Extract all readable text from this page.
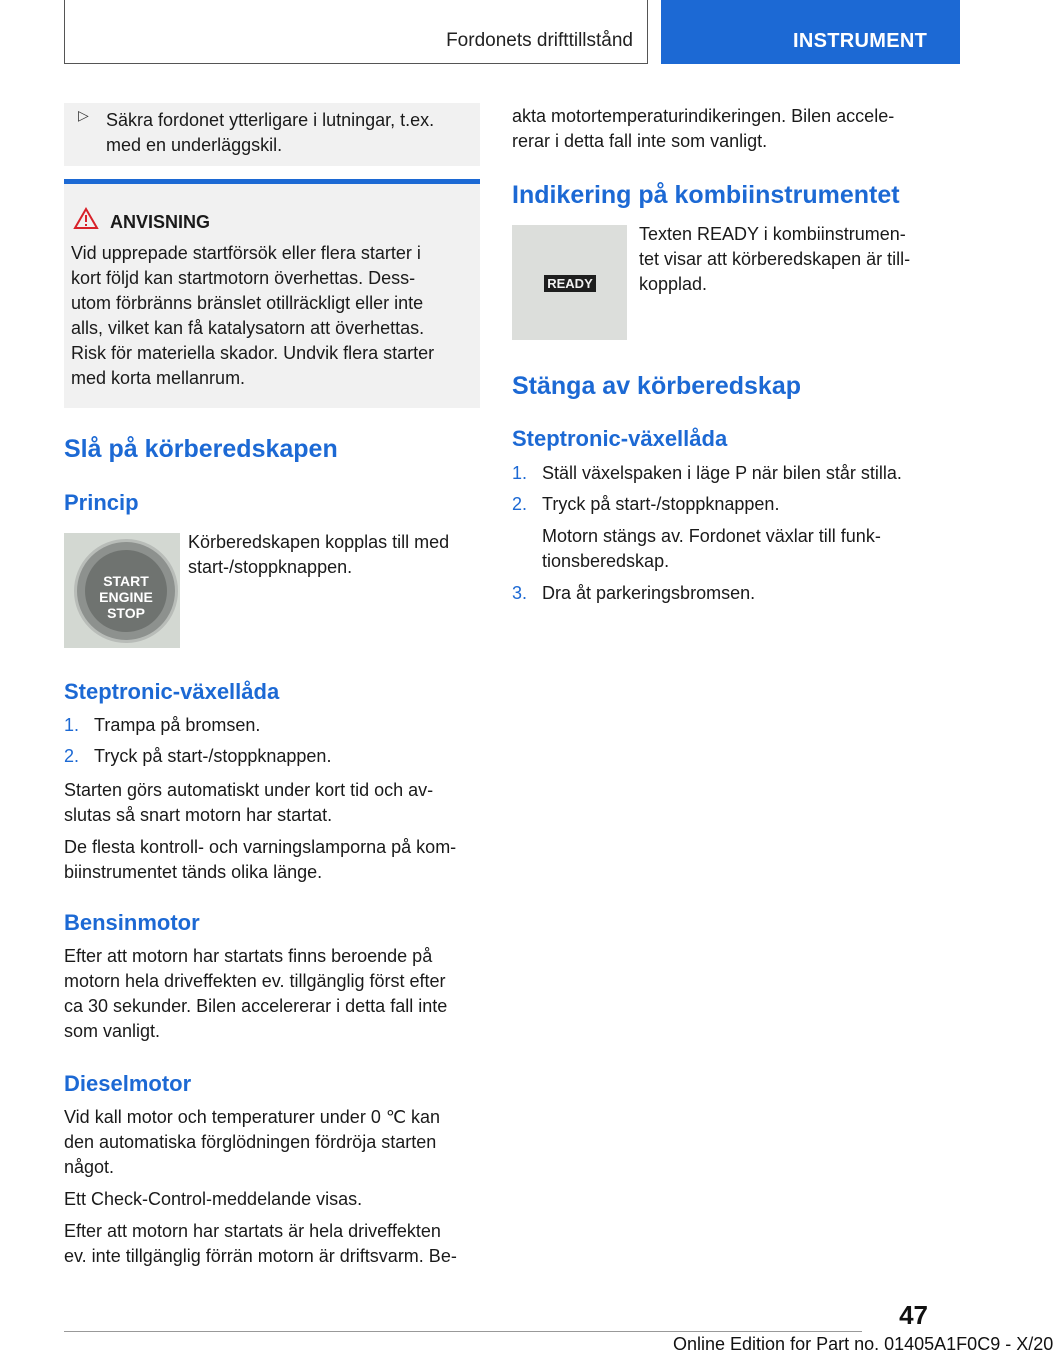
Fordonets drifttillstånd	INSTRUMENT
▷ Säkra fordonet ytterligare i lutningar, t.ex.

med en underläggskil.

ANVISNING

Vid upprepade startförsök eller flera starter i

kort följd kan startmotorn överhettas. Dess-

utom förbränns bränslet otillräckligt eller inte

alls, vilket kan få katalysatorn att överhettas.

Risk för materiella skador. Undvik flera starter

med korta mellanrum.

Slå på körberedskapen
Princip
START
ENGINE
STOP

Körberedskapen kopplas till med

start-/stoppknappen.

Steptronic-växellåda
1. Trampa på bromsen.
2. Tryck på start-/stoppknappen.

Starten görs automatiskt under kort tid och av-

slutas så snart motorn har startat.

De flesta kontroll- och varningslamporna på kom-

biinstrumentet tänds olika länge.

Bensinmotor

Efter att motorn har startats finns beroende på

motorn hela driveffekten ev. tillgänglig först efter

ca 30 sekunder. Bilen accelererar i detta fall inte

som vanligt.

Dieselmotor

Vid kall motor och temperaturer under 0 ℃ kan

den automatiska förglödningen fördröja starten

något.

Ett Check-Control-meddelande visas.

Efter att motorn har startats är hela driveffekten

ev. inte tillgänglig förrän motorn är driftsvarm. Be-

akta motortemperaturindikeringen. Bilen accele-

rerar i detta fall inte som vanligt.

Indikering på kombiinstrumentet
READY

Texten READY i kombiinstrumen-

tet visar att körberedskapen är till-

kopplad.

Stänga av körberedskap
Steptronic-växellåda
1. Ställ växelspaken i läge P när bilen står stilla.
2. Tryck på start-/stoppknappen.
Motorn stängs av. Fordonet växlar till funk-
tionsberedskap.
3. Dra åt parkeringsbromsen.
47
Online Edition for Part no. 01405A1F0C9 - X/20
